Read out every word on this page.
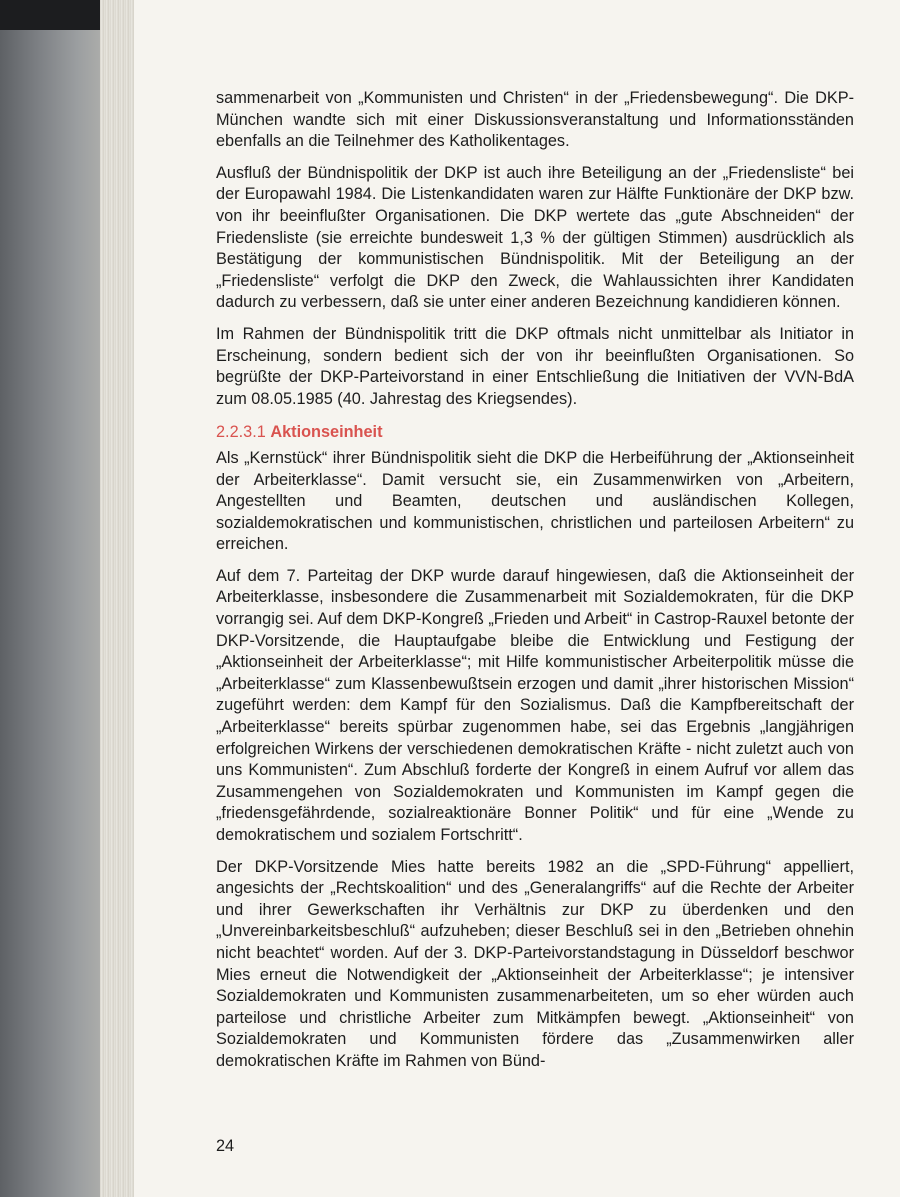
sammenarbeit von „Kommunisten und Christen“ in der „Friedensbewegung“. Die DKP-München wandte sich mit einer Diskussionsveranstaltung und Informationsständen ebenfalls an die Teilnehmer des Katholikentages.

Ausfluß der Bündnispolitik der DKP ist auch ihre Beteiligung an der „Friedensliste“ bei der Europawahl 1984. Die Listenkandidaten waren zur Hälfte Funktionäre der DKP bzw. von ihr beeinflußter Organisationen. Die DKP wertete das „gute Abschneiden“ der Friedensliste (sie erreichte bundesweit 1,3 % der gültigen Stimmen) ausdrücklich als Bestätigung der kommunistischen Bündnispolitik. Mit der Beteiligung an der „Friedensliste“ verfolgt die DKP den Zweck, die Wahlaussichten ihrer Kandidaten dadurch zu verbessern, daß sie unter einer anderen Bezeichnung kandidieren können.

Im Rahmen der Bündnispolitik tritt die DKP oftmals nicht unmittelbar als Initiator in Erscheinung, sondern bedient sich der von ihr beeinflußten Organisationen. So begrüßte der DKP-Parteivorstand in einer Entschließung die Initiativen der VVN-BdA zum 08.05.1985 (40. Jahrestag des Kriegsendes).

2.2.3.1 Aktionseinheit

Als „Kernstück“ ihrer Bündnispolitik sieht die DKP die Herbeiführung der „Aktionseinheit der Arbeiterklasse“. Damit versucht sie, ein Zusammenwirken von „Arbeitern, Angestellten und Beamten, deutschen und ausländischen Kollegen, sozialdemokratischen und kommunistischen, christlichen und parteilosen Arbeitern“ zu erreichen.

Auf dem 7. Parteitag der DKP wurde darauf hingewiesen, daß die Aktionseinheit der Arbeiterklasse, insbesondere die Zusammenarbeit mit Sozialdemokraten, für die DKP vorrangig sei. Auf dem DKP-Kongreß „Frieden und Arbeit“ in Castrop-Rauxel betonte der DKP-Vorsitzende, die Hauptaufgabe bleibe die Entwicklung und Festigung der „Aktionseinheit der Arbeiterklasse“; mit Hilfe kommunistischer Arbeiterpolitik müsse die „Arbeiterklasse“ zum Klassenbewußtsein erzogen und damit „ihrer historischen Mission“ zugeführt werden: dem Kampf für den Sozialismus. Daß die Kampfbereitschaft der „Arbeiterklasse“ bereits spürbar zugenommen habe, sei das Ergebnis „langjährigen erfolgreichen Wirkens der verschiedenen demokratischen Kräfte - nicht zuletzt auch von uns Kommunisten“. Zum Abschluß forderte der Kongreß in einem Aufruf vor allem das Zusammengehen von Sozialdemokraten und Kommunisten im Kampf gegen die „friedensgefährdende, sozialreaktionäre Bonner Politik“ und für eine „Wende zu demokratischem und sozialem Fortschritt“.

Der DKP-Vorsitzende Mies hatte bereits 1982 an die „SPD-Führung“ appelliert, angesichts der „Rechtskoalition“ und des „Generalangriffs“ auf die Rechte der Arbeiter und ihrer Gewerkschaften ihr Verhältnis zur DKP zu überdenken und den „Unvereinbarkeitsbeschluß“ aufzuheben; dieser Beschluß sei in den „Betrieben ohnehin nicht beachtet“ worden. Auf der 3. DKP-Parteivorstandstagung in Düsseldorf beschwor Mies erneut die Notwendigkeit der „Aktionseinheit der Arbeiterklasse“; je intensiver Sozialdemokraten und Kommunisten zusammenarbeiteten, um so eher würden auch parteilose und christliche Arbeiter zum Mitkämpfen bewegt. „Aktionseinheit“ von Sozialdemokraten und Kommunisten fördere das „Zusammenwirken aller demokratischen Kräfte im Rahmen von Bünd-

24
